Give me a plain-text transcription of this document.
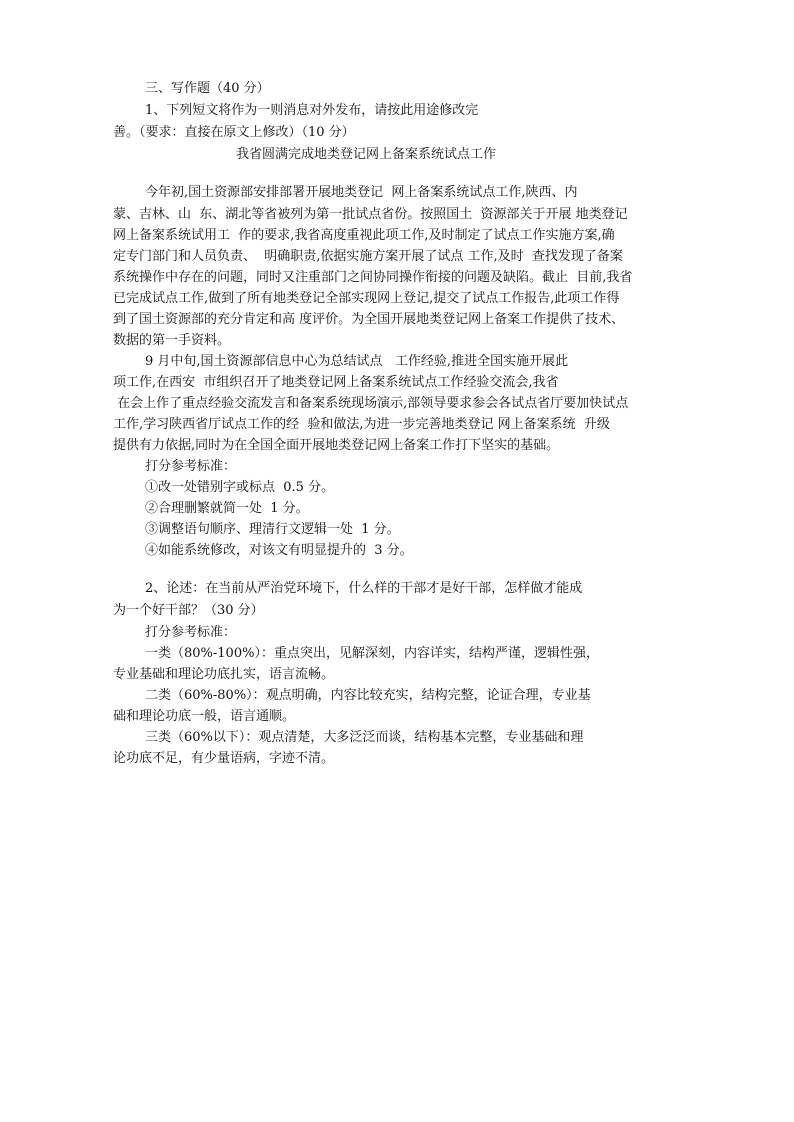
三、写作题（40 分）

1、下列短文将作为一则消息对外发布，请按此用途修改完

善。（要求：直接在原文上修改）（10 分）

我省圆满完成地类登记网上备案系统试点工作

今年初,国土资源部安排部署开展地类登记  网上备案系统试点工作,陕西、内

蒙、吉林、山  东、湖北等省被列为第一批试点省份。按照国土  资源部关于开展 地类登记

网上备案系统试用工  作的要求,我省高度重视此项工作,及时制定了试点工作实施方案,确

定专门部门和人员负责、  明确职责,依据实施方案开展了试点 工作,及时  查找发现了备案

系统操作中存在的问题，同时又注重部门之间协同操作衔接的问题及缺陷。截止  目前,我省

已完成试点工作,做到了所有地类登记全部实现网上登记,提交了试点工作报告,此项工作得

到了国土资源部的充分肯定和高 度评价。为全国开展地类登记网上备案工作提供了技术、

数据的第一手资料。

9 月中旬,国土资源部信息中心为总结试点   工作经验,推进全国实施开展此

项工作,在西安  市组织召开了地类登记网上备案系统试点工作经验交流会,我省

在会上作了重点经验交流发言和备案系统现场演示,部领导要求参会各试点省厅要加快试点

工作,学习陕西省厅试点工作的经  验和做法,为进一步完善地类登记 网上备案系统  升级

提供有力依据,同时为在全国全面开展地类登记网上备案工作打下坚实的基础。

打分参考标准：

①改一处错别字或标点  0.5 分。

②合理删繁就简一处  1 分。

③调整语句顺序、理清行文逻辑一处  1 分。

④如能系统修改，对该文有明显提升的  3 分。

2、论述：在当前从严治党环境下，什么样的干部才是好干部，怎样做才能成

为一个好干部？（30 分）

打分参考标准：

一类（80%-100%）：重点突出，见解深刻，内容详实，结构严谨，逻辑性强，

专业基础和理论功底扎实，语言流畅。

二类（60%-80%）：观点明确，内容比较充实，结构完整，论证合理，专业基

础和理论功底一般，语言通顺。

三类（60%以下）：观点清楚，大多泛泛而谈，结构基本完整，专业基础和理

论功底不足，有少量语病，字迹不清。
